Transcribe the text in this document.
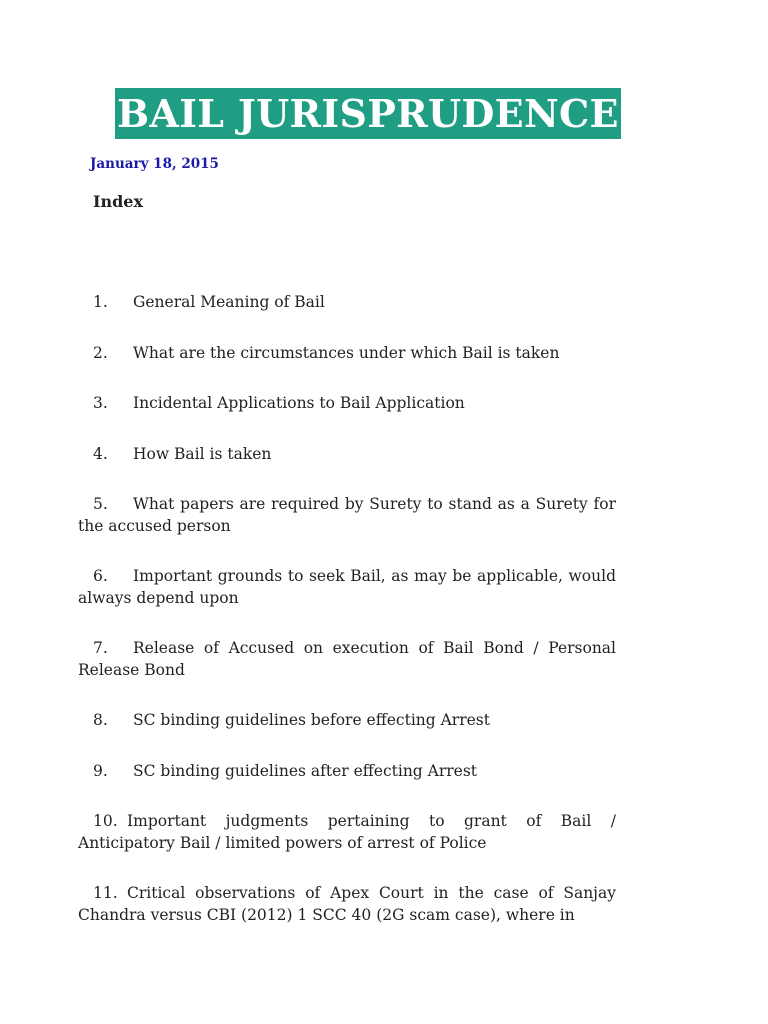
BAIL JURISPRUDENCE
January 18, 2015
Index
1. General Meaning of Bail
2. What are the circumstances under which Bail is taken
3. Incidental Applications to Bail Application
4. How Bail is taken
5. What papers are required by Surety to stand as a Surety for the accused person
6. Important grounds to seek Bail, as may be applicable, would always depend upon
7. Release of Accused on execution of Bail Bond / Personal Release Bond
8. SC binding guidelines before effecting Arrest
9. SC binding guidelines after effecting Arrest
10. Important judgments pertaining to grant of Bail / Anticipatory Bail / limited powers of arrest of Police
11. Critical observations of Apex Court in the case of Sanjay Chandra versus CBI (2012) 1 SCC 40 (2G scam case), where in
